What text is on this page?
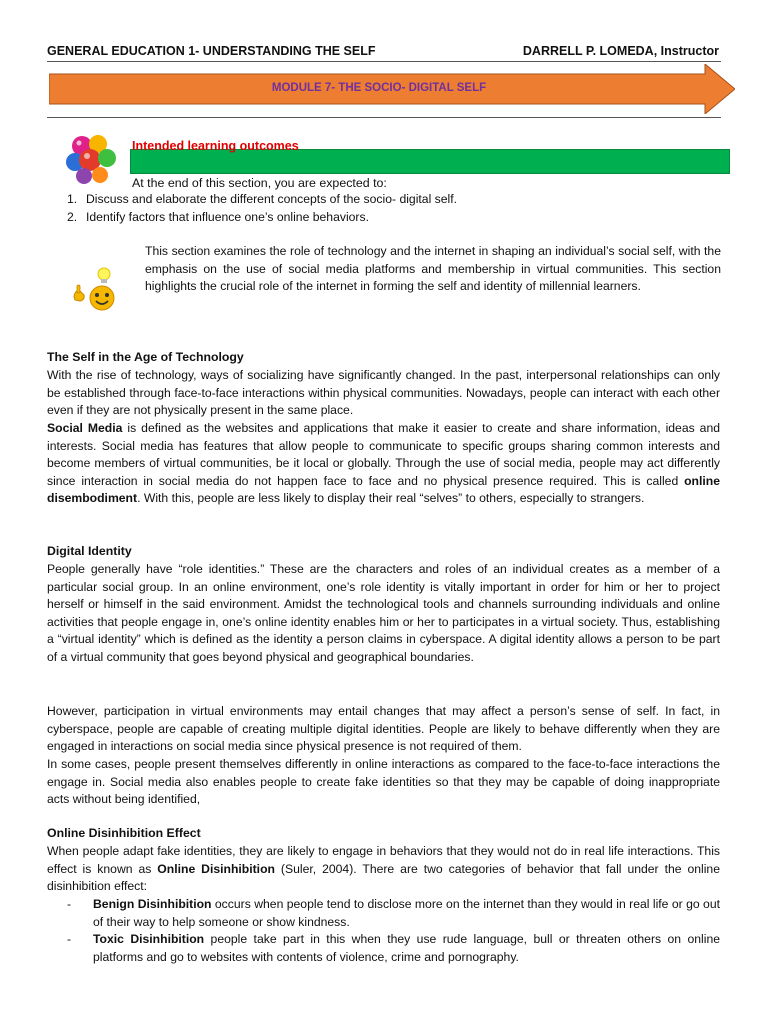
GENERAL EDUCATION 1- UNDERSTANDING THE SELF	DARRELL P. LOMEDA, Instructor
MODULE 7- THE SOCIO- DIGITAL SELF
Intended learning outcomes
At the end of this section, you are expected to:
1. Discuss and elaborate the different concepts of the socio- digital self.
2. Identify factors that influence one’s online behaviors.
This section examines the role of technology and the internet in shaping an individual’s social self, with the emphasis on the use of social media platforms and membership in virtual communities. This section highlights the crucial role of the internet in forming the self and identity of millennial learners.
The Self in the Age of Technology
With the rise of technology, ways of socializing have significantly changed. In the past, interpersonal relationships can only be established through face-to-face interactions within physical communities. Nowadays, people can interact with each other even if they are not physically present in the same place.
Social Media is defined as the websites and applications that make it easier to create and share information, ideas and interests. Social media has features that allow people to communicate to specific groups sharing common interests and become members of virtual communities, be it local or globally. Through the use of social media, people may act differently since interaction in social media do not happen face to face and no physical presence required. This is called online disembodiment. With this, people are less likely to display their real “selves” to others, especially to strangers.
Digital Identity
People generally have “role identities.” These are the characters and roles of an individual creates as a member of a particular social group. In an online environment, one’s role identity is vitally important in order for him or her to project herself or himself in the said environment. Amidst the technological tools and channels surrounding individuals and online activities that people engage in, one’s online identity enables him or her to participates in a virtual society. Thus, establishing a “virtual identity” which is defined as the identity a person claims in cyberspace. A digital identity allows a person to be part of a virtual community that goes beyond physical and geographical boundaries.
However, participation in virtual environments may entail changes that may affect a person’s sense of self. In fact, in cyberspace, people are capable of creating multiple digital identities. People are likely to behave differently when they are engaged in interactions on social media since physical presence is not required of them.
In some cases, people present themselves differently in online interactions as compared to the face-to-face interactions the engage in. Social media also enables people to create fake identities so that they may be capable of doing inappropriate acts without being identified,
Online Disinhibition Effect
When people adapt fake identities, they are likely to engage in behaviors that they would not do in real life interactions. This effect is known as Online Disinhibition (Suler, 2004). There are two categories of behavior that fall under the online disinhibition effect:
-	Benign Disinhibition occurs when people tend to disclose more on the internet than they would in real life or go out of their way to help someone or show kindness.
-	Toxic Disinhibition people take part in this when they use rude language, bull or threaten others on online platforms and go to websites with contents of violence, crime and pornography.
